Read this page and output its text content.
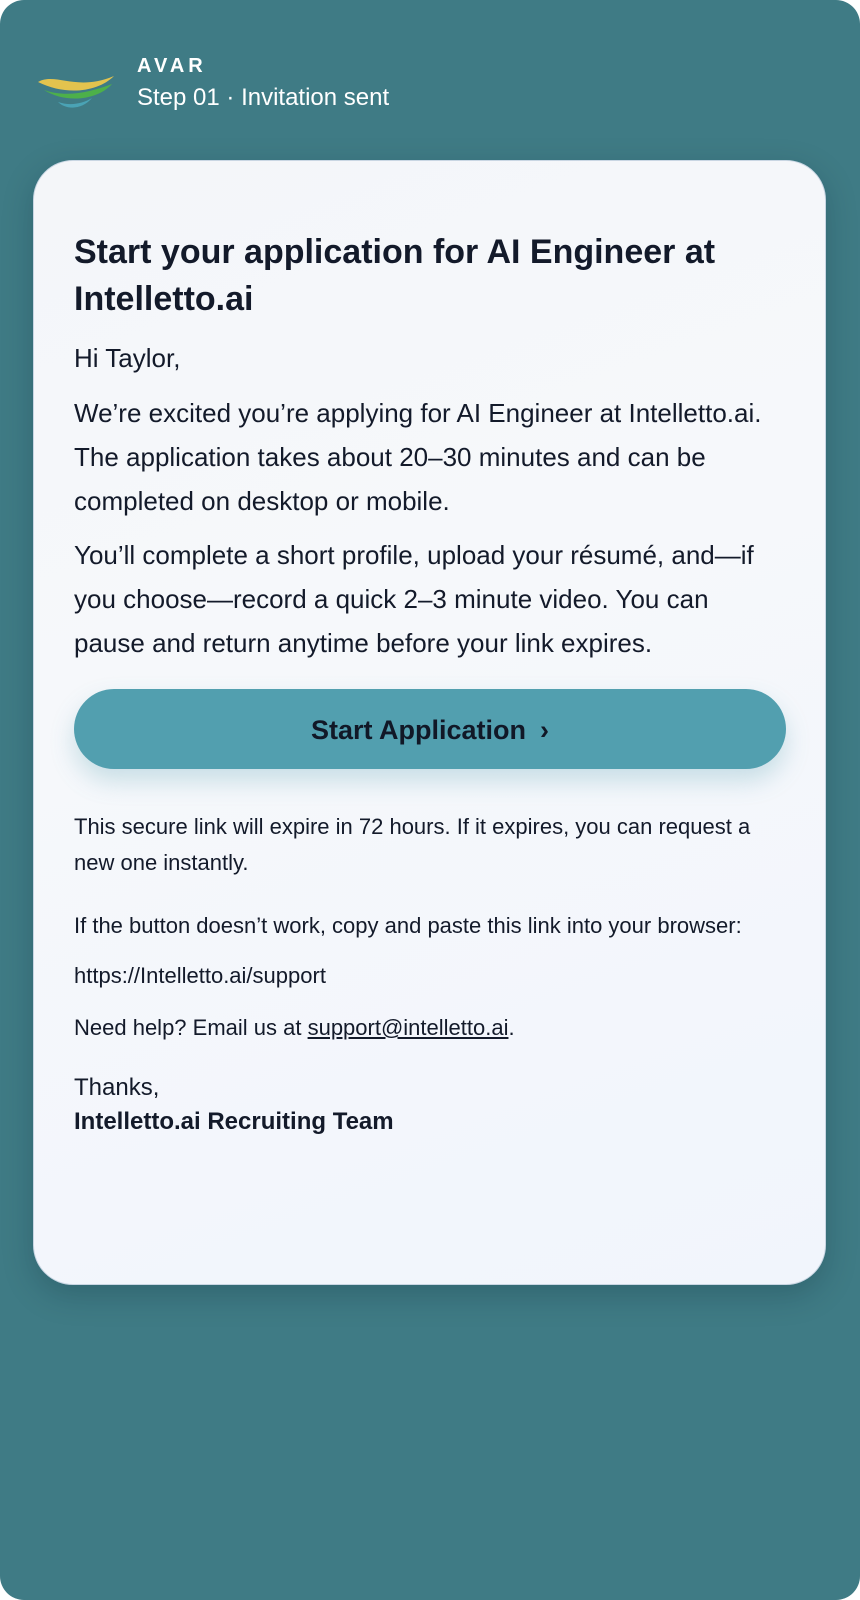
AVAR
Step 01 · Invitation sent
Start your application for AI Engineer at Intelletto.ai

Hi Taylor,

We’re excited you’re applying for AI Engineer at Intelletto.ai. The application takes about 20–30 minutes and can be completed on desktop or mobile.

You’ll complete a short profile, upload your résumé, and—if you choose—record a quick 2–3 minute video. You can pause and return anytime before your link expires.

Start Application ›

This secure link will expire in 72 hours. If it expires, you can request a new one instantly.

If the button doesn’t work, copy and paste this link into your browser:

https://Intelletto.ai/support

Need help? Email us at support@intelletto.ai.

Thanks,

Intelletto.ai Recruiting Team
